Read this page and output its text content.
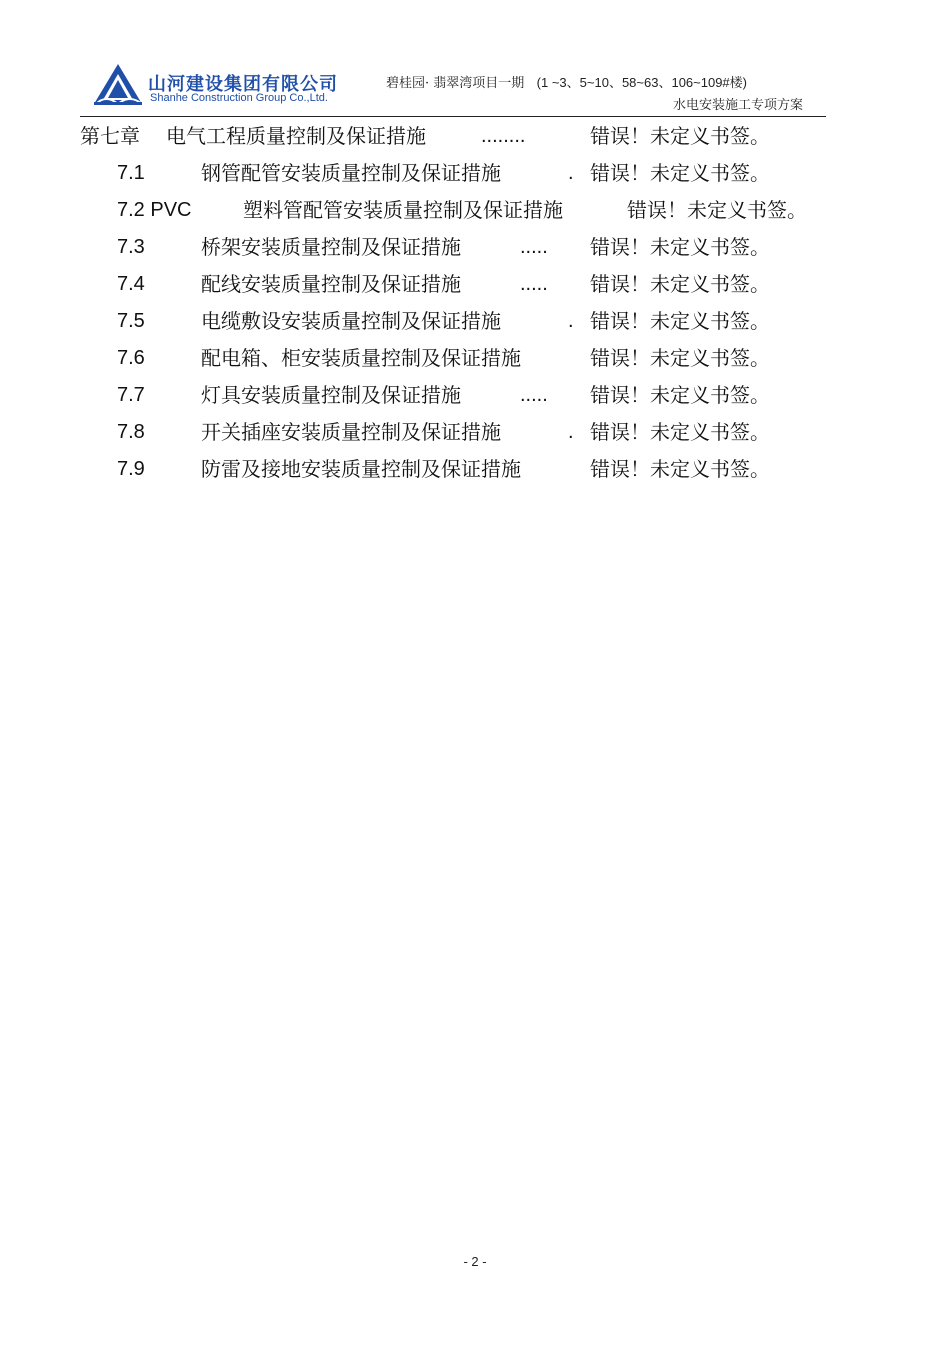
山河建设集团有限公司
Shanhe Construction Group Co.,Ltd.
碧桂园· 翡翠湾项目一期 (1 ~3、5~10、58~63、106~109#楼)
水电安装施工专项方案
第七章 电气工程质量控制及保证措施	........	错误！未定义书签。
7.1	钢管配管安装质量控制及保证措施	. 错误！未定义书签。
7.2 PVC	塑料管配管安装质量控制及保证措施	错误！未定义书签。
7.3	桥架安装质量控制及保证措施	..... 错误！未定义书签。
7.4	配线安装质量控制及保证措施	..... 错误！未定义书签。
7.5	电缆敷设安装质量控制及保证措施	. 错误！未定义书签。
7.6	配电箱、柜安装质量控制及保证措施	错误！未定义书签。
7.7	灯具安装质量控制及保证措施	..... 错误！未定义书签。
7.8	开关插座安装质量控制及保证措施	. 错误！未定义书签。
7.9	防雷及接地安装质量控制及保证措施	错误！未定义书签。
- 2 -
